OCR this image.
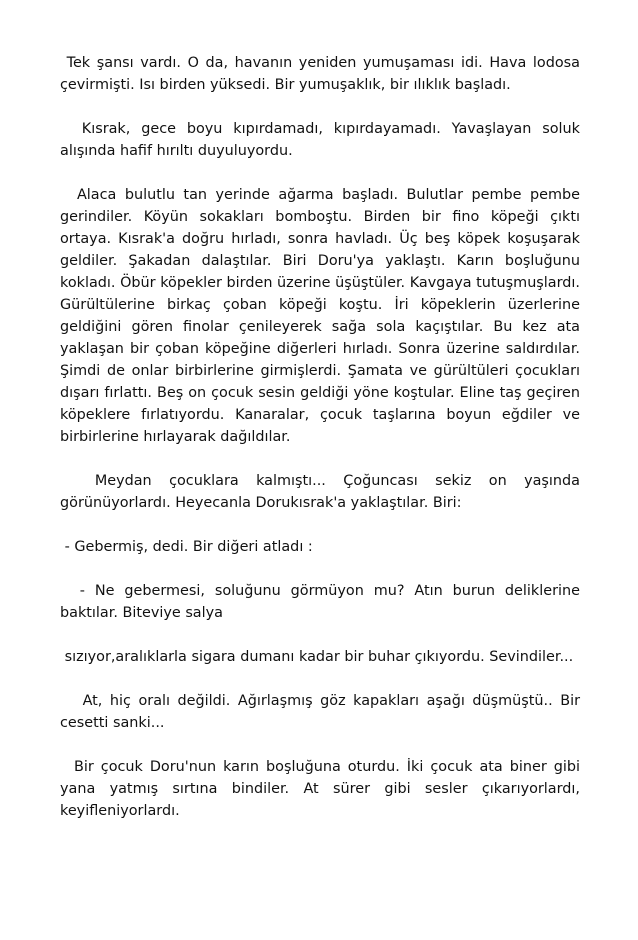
Tek şansı vardı. O da, havanın yeniden yumuşaması idi. Hava lodosa çevirmişti. Isı birden yüksedi. Bir yumuşaklık, bir ılıklık başladı.

Kısrak, gece boyu kıpırdamadı, kıpırdayamadı. Yavaşlayan soluk alışında hafif hırıltı duyuluyordu.

Alaca bulutlu tan yerinde ağarma başladı. Bulutlar pembe pembe gerindiler. Köyün sokakları bomboştu. Birden bir fino köpeği çıktı ortaya. Kısrak'a doğru hırladı, sonra havladı. Üç beş köpek koşuşarak geldiler. Şakadan dalaştılar. Biri Doru'ya yaklaştı. Karın boşluğunu kokladı. Öbür köpekler birden üzerine üşüştüler. Kavgaya tutuşmuşlardı. Gürültülerine birkaç çoban köpeği koştu. İri köpeklerin üzerlerine geldiğini gören finolar çenileyerek sağa sola kaçıştılar. Bu kez ata yaklaşan bir çoban köpeğine diğerleri hırladı. Sonra üzerine saldırdılar. Şimdi de onlar birbirlerine girmişlerdi. Şamata ve gürültüleri çocukları dışarı fırlattı. Beş on çocuk sesin geldiği yöne koştular. Eline taş geçiren köpeklere fırlatıyordu. Kanaralar, çocuk taşlarına boyun eğdiler ve birbirlerine hırlayarak dağıldılar.

Meydan çocuklara kalmıştı... Çoğuncası sekiz on yaşında görünüyorlardı. Heyecanla Dorukısrak'a yaklaştılar. Biri:

- Gebermiş, dedi. Bir diğeri atladı :

- Ne gebermesi, soluğunu görmüyon mu? Atın burun deliklerine baktılar. Biteviye salya

sızıyor,aralıklarla sigara dumanı kadar bir buhar çıkıyordu. Sevindiler...

At, hiç oralı değildi. Ağırlaşmış göz kapakları aşağı düşmüştü.. Bir cesetti sanki...

Bir çocuk Doru'nun karın boşluğuna oturdu. İki çocuk ata biner gibi yana yatmış sırtına bindiler. At sürer gibi sesler çıkarıyorlardı, keyifleniyorlardı.
